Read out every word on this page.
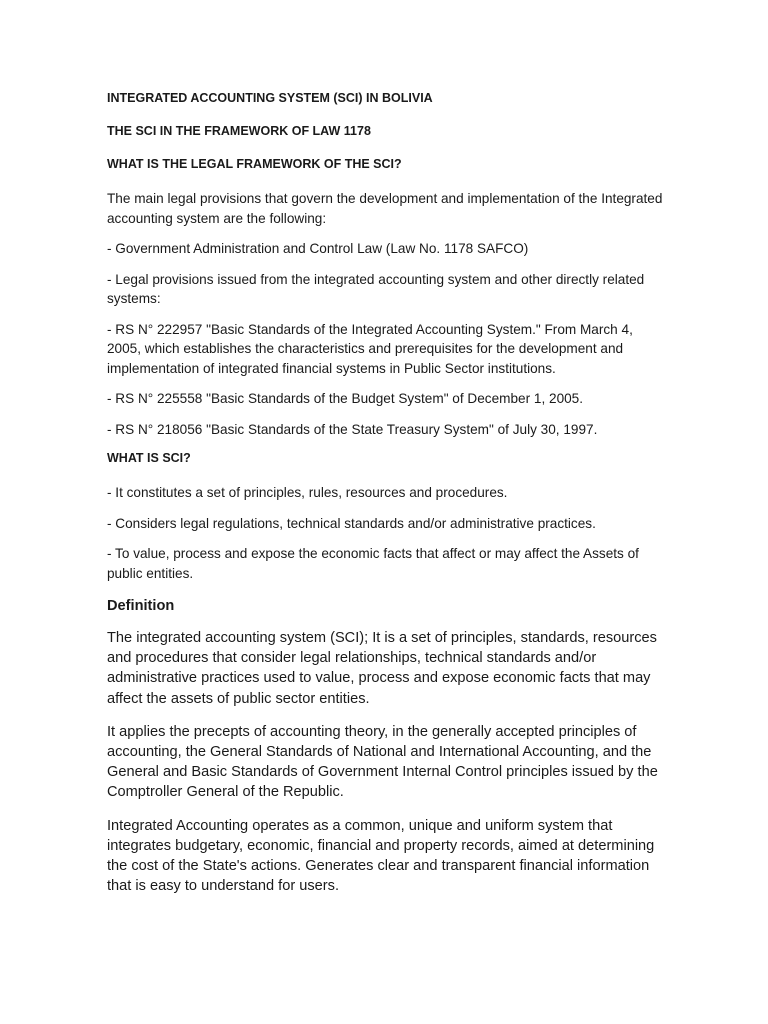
INTEGRATED ACCOUNTING SYSTEM (SCI) IN BOLIVIA
THE SCI IN THE FRAMEWORK OF LAW 1178
WHAT IS THE LEGAL FRAMEWORK OF THE SCI?

The main legal provisions that govern the development and implementation of the Integrated accounting system are the following:

- Government Administration and Control Law (Law No. 1178 SAFCO)

- Legal provisions issued from the integrated accounting system and other directly related systems:

- RS N° 222957 "Basic Standards of the Integrated Accounting System." From March 4, 2005, which establishes the characteristics and prerequisites for the development and implementation of integrated financial systems in Public Sector institutions.

- RS N° 225558 "Basic Standards of the Budget System" of December 1, 2005.

- RS N° 218056 "Basic Standards of the State Treasury System" of July 30, 1997.

WHAT IS SCI?

- It constitutes a set of principles, rules, resources and procedures.

- Considers legal regulations, technical standards and/or administrative practices.

- To value, process and expose the economic facts that affect or may affect the Assets of public entities.

Definition

The integrated accounting system (SCI); It is a set of principles, standards, resources and procedures that consider legal relationships, technical standards and/or administrative practices used to value, process and expose economic facts that may affect the assets of public sector entities.

It applies the precepts of accounting theory, in the generally accepted principles of accounting, the General Standards of National and International Accounting, and the General and Basic Standards of Government Internal Control principles issued by the Comptroller General of the Republic.

Integrated Accounting operates as a common, unique and uniform system that integrates budgetary, economic, financial and property records, aimed at determining the cost of the State's actions. Generates clear and transparent financial information that is easy to understand for users.
